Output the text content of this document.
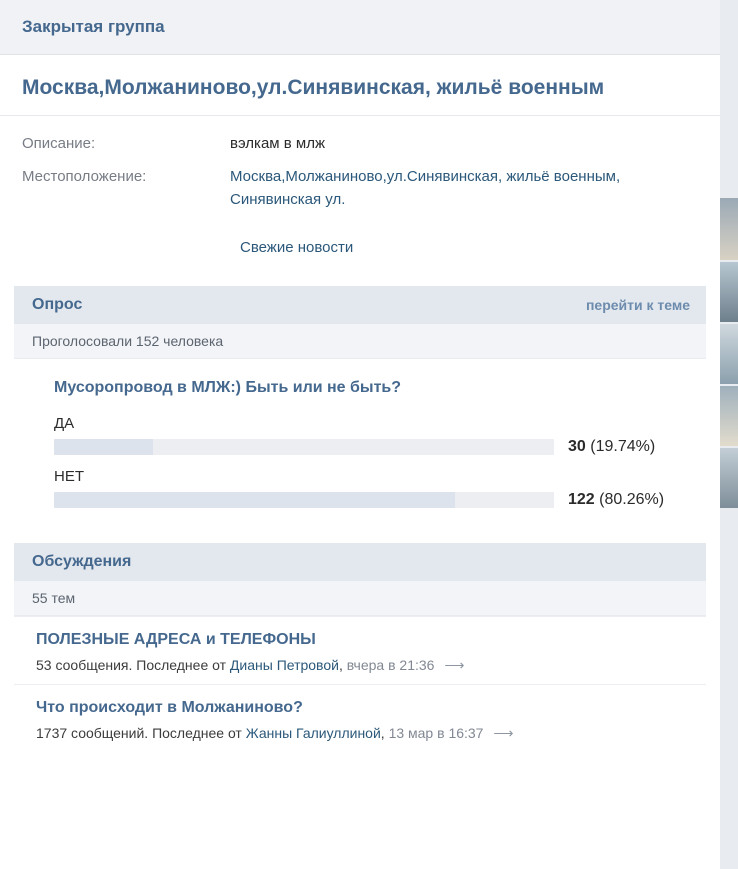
Закрытая группа
Москва,Молжаниново,ул.Синявинская, жильё военным
Описание:	вэлкам в млж
Местоположение:	Москва,Молжаниново,ул.Синявинская, жильё военным, Синявинская ул.
Свежие новости
Опрос	перейти к теме
Проголосовали 152 человека
Мусоропровод в МЛЖ:) Быть или не быть?
ДА
30 (19.74%)
НЕТ
122 (80.26%)
Обсуждения
55 тем
ПОЛЕЗНЫЕ АДРЕСА и ТЕЛЕФОНЫ
53 сообщения. Последнее от Дианы Петровой, вчера в 21:36 ⟶
Что происходит в Молжаниново?
1737 сообщений. Последнее от Жанны Галиуллиной, 13 мар в 16:37 ⟶
